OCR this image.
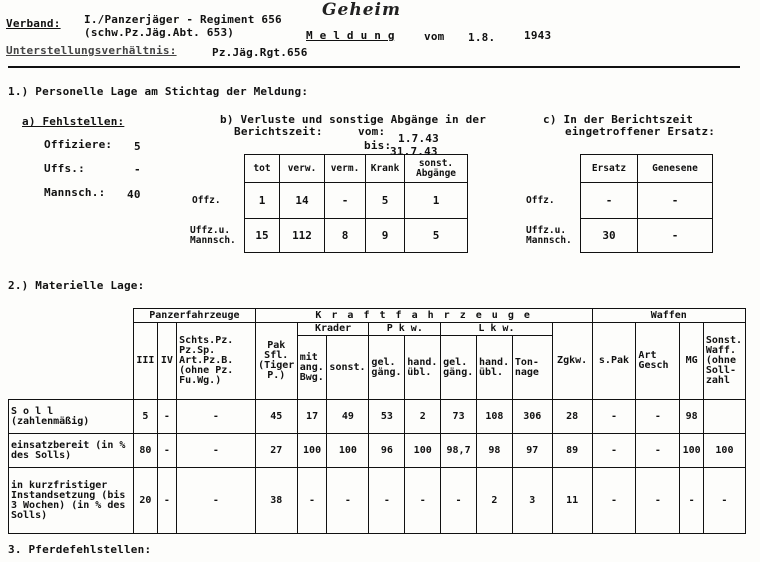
Verband: I./Panzerjäger - Regiment 656
(schw.Pz.Jäg.Abt. 653)
Geheim
M e l d u n g	vom 1.8.	1943
Unterstellungsverhältnis:	Pz.Jäg.Rgt.656
1.) Personelle Lage am Stichtag der Meldung:
a) Fehlstellen:
Offiziere: 5
Uffs.:	-
Mannsch.: 40
b) Verluste und sonstige Abgänge in der
Berichtszeit:	vom:
1.7.43
bis:
31.7.43
	tot	verw.	verm.	Krank	sonst. Abgänge
Offz.	1	14	-	5	1
Uffz.u. Mannsch.	15	112	8	9	5
c) In der Berichtszeit
eingetroffener Ersatz:
	Ersatz	Genesene
Offz.	-	-
Uffz.u. Mannsch.	30	-
2.) Materielle Lage:
	Panzerfahrzeuge			K r a f t f a h r z e u g e									Waffen			
	III	IV	Schts.Pz. Pz.Sp. Art.Pz.B. (ohne Pz. Fu.Wg.)	Pak Sfl. (Tiger P.)	Krader		P k w.		L k w.			Zgkw.	s.Pak	Art Gesch	MG	Sonst. Waff. (ohne Soll- zahl
					mit ang. Bwg.	sonst.	gel. gäng.	hand. übl.	gel. gäng.	hand. übl.	Ton- nage					
S o l l (zahlenmäßig)	5	-	-	45	17	49	53	2	73	108	306	28	-	-	98	
einsatzbereit (in % des Solls)	80	-	-	27	100	100	96	100	98,7	98	97	89	-	-	100	100
in kurzfristiger Instandsetzung (bis 3 Wochen) (in % des Solls)	20	-	-	38	-	-	-	-	-	2	3	11	-	-	-	-
3. Pferdefehlstellen:
